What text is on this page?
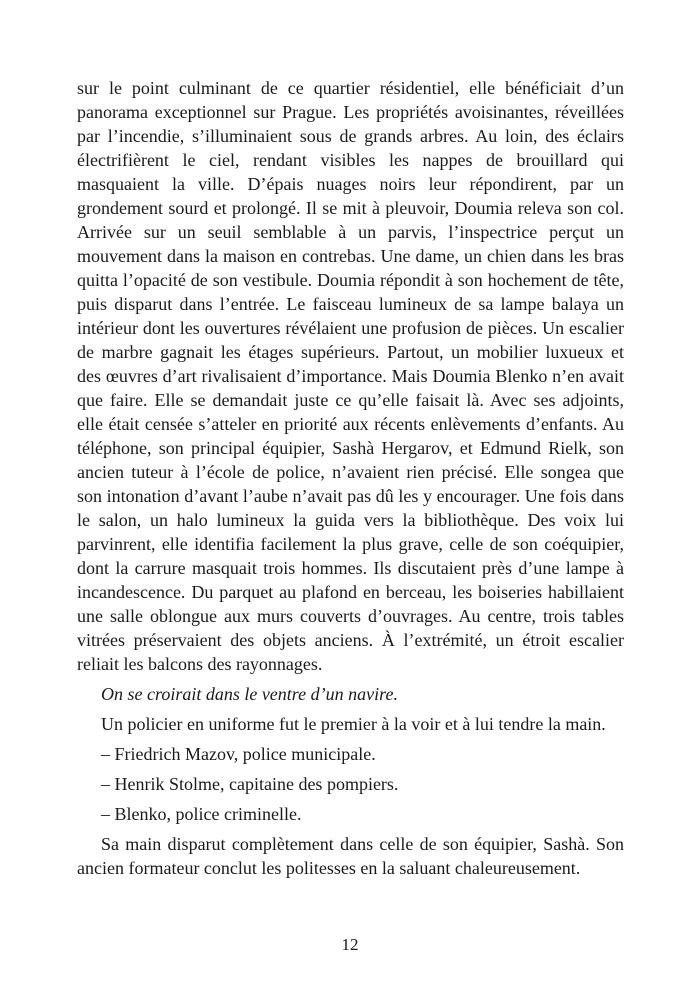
sur le point culminant de ce quartier résidentiel, elle bénéficiait d’un
panorama exceptionnel sur Prague. Les propriétés avoisinantes, réveillées
par l’incendie, s’illuminaient sous de grands arbres. Au loin, des éclairs
électrifièrent le ciel, rendant visibles les nappes de brouillard qui
masquaient la ville. D’épais nuages noirs leur répondirent, par un
grondement sourd et prolongé. Il se mit à pleuvoir, Doumia releva son col.
Arrivée sur un seuil semblable à un parvis, l’inspectrice perçut un
mouvement dans la maison en contrebas. Une dame, un chien dans les bras
quitta l’opacité de son vestibule. Doumia répondit à son hochement de tête,
puis disparut dans l’entrée. Le faisceau lumineux de sa lampe balaya un
intérieur dont les ouvertures révélaient une profusion de pièces. Un escalier
de marbre gagnait les étages supérieurs. Partout, un mobilier luxueux et
des œuvres d’art rivalisaient d’importance. Mais Doumia Blenko n’en avait
que faire. Elle se demandait juste ce qu’elle faisait là. Avec ses adjoints,
elle était censée s’atteler en priorité aux récents enlèvements d’enfants. Au
téléphone, son principal équipier, Sashà Hergarov, et Edmund Rielk, son
ancien tuteur à l’école de police, n’avaient rien précisé. Elle songea que
son intonation d’avant l’aube n’avait pas dû les y encourager. Une fois dans
le salon, un halo lumineux la guida vers la bibliothèque. Des voix lui
parvinrent, elle identifia facilement la plus grave, celle de son coéquipier,
dont la carrure masquait trois hommes. Ils discutaient près d’une lampe à
incandescence. Du parquet au plafond en berceau, les boiseries habillaient
une salle oblongue aux murs couverts d’ouvrages. Au centre, trois tables
vitrées préservaient des objets anciens. À l’extrémité, un étroit escalier
reliait les balcons des rayonnages.
On se croirait dans le ventre d’un navire.
Un policier en uniforme fut le premier à la voir et à lui tendre la main.
– Friedrich Mazov, police municipale.
– Henrik Stolme, capitaine des pompiers.
– Blenko, police criminelle.
Sa main disparut complètement dans celle de son équipier, Sashà. Son
ancien formateur conclut les politesses en la saluant chaleureusement.
12
